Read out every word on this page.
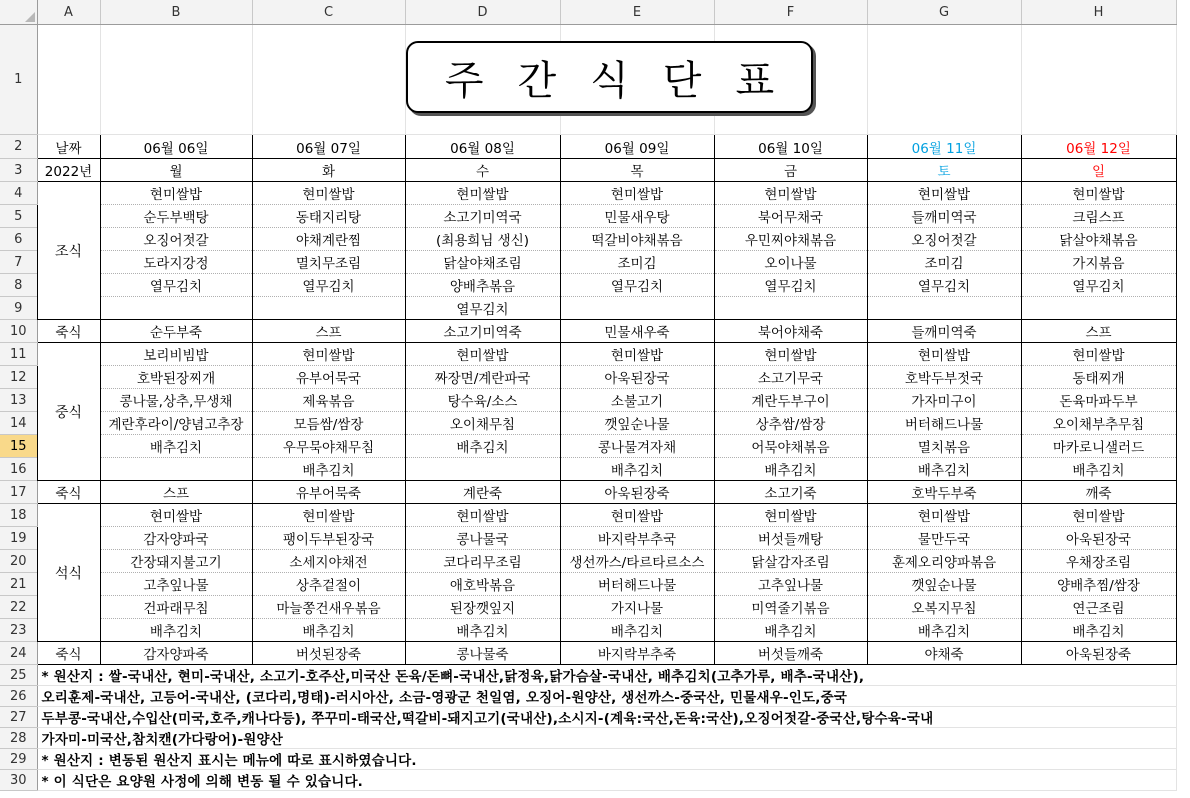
	A	B	C	D	E	F	G	H
1								
2	날짜	06월 06일	06월 07일	06월 08일	06월 09일	06월 10일	06월 11일	06월 12일
3	2022년	월	화	수	목	금	토	일
4	조식	현미쌀밥	현미쌀밥	현미쌀밥	현미쌀밥	현미쌀밥	현미쌀밥	현미쌀밥
5		순두부백탕	동태지리탕	소고기미역국	민물새우탕	북어무채국	들깨미역국	크림스프
6		오징어젓갈	야채계란찜	(최용희님 생신)	떡갈비야채볶음	우민찌야채볶음	오징어젓갈	닭살야채볶음
7		도라지강정	멸치무조림	닭살야채조림	조미김	오이나물	조미김	가지볶음
8		열무김치	열무김치	양배추볶음	열무김치	열무김치	열무김치	열무김치
9				열무김치				
10	죽식	순두부죽	스프	소고기미역죽	민물새우죽	북어야채죽	들깨미역죽	스프
11	중식	보리비빔밥	현미쌀밥	현미쌀밥	현미쌀밥	현미쌀밥	현미쌀밥	현미쌀밥
12		호박된장찌개	유부어묵국	짜장면/계란파국	아욱된장국	소고기무국	호박두부젓국	동태찌개
13		콩나물,상추,무생채	제육볶음	탕수육/소스	소불고기	계란두부구이	가자미구이	돈육마파두부
14		계란후라이/양념고추장	모듬쌈/쌈장	오이채무침	깻잎순나물	상추쌈/쌈장	버터해드나물	오이채부추무침
15		배추김치	우무묵야채무침	배추김치	콩나물겨자채	어묵야채볶음	멸치볶음	마카로니샐러드
16			배추김치		배추김치	배추김치	배추김치	배추김치
17	죽식	스프	유부어묵죽	계란죽	아욱된장죽	소고기죽	호박두부죽	깨죽
18	석식	현미쌀밥	현미쌀밥	현미쌀밥	현미쌀밥	현미쌀밥	현미쌀밥	현미쌀밥
19		감자양파국	팽이두부된장국	콩나물국	바지락부추국	버섯들깨탕	물만두국	아욱된장국
20		간장돼지불고기	소세지야채전	코다리무조림	생선까스/타르타르소스	닭살감자조림	훈제오리양파볶음	우채장조림
21		고추잎나물	상추겉절이	애호박볶음	버터해드나물	고추잎나물	깻잎순나물	양배추찜/쌈장
22		건파래무침	마늘쫑건새우볶음	된장깻잎지	가지나물	미역줄기볶음	오복지무침	연근조림
23		배추김치	배추김치	배추김치	배추김치	배추김치	배추김치	배추김치
24	죽식	감자양파죽	버섯된장죽	콩나물죽	바지락부추죽	버섯들깨죽	야채죽	아욱된장죽
25	* 원산지 : 쌀-국내산, 현미-국내산, 소고기-호주산,미국산 돈육/돈뼈-국내산,닭정육,닭가슴살-국내산, 배추김치(고추가루, 배추-국내산),							
26	오리훈제-국내산, 고등어-국내산, (코다리,명태)-러시아산, 소금-영광군 천일염, 오징어-원양산, 생선까스-중국산, 민물새우-인도,중국							
27	두부콩-국내산,수입산(미국,호주,캐나다등), 쭈꾸미-태국산,떡갈비-돼지고기(국내산),소시지-(계육:국산,돈육:국산),오징어젓갈-중국산,탕수육-국내							
28	가자미-미국산,참치캔(가다랑어)-원양산							
29	* 원산지 : 변동된 원산지 표시는 메뉴에 따로 표시하였습니다.							
30	* 이 식단은 요양원 사정에 의해 변동 될 수 있습니다.							
주간식단표
